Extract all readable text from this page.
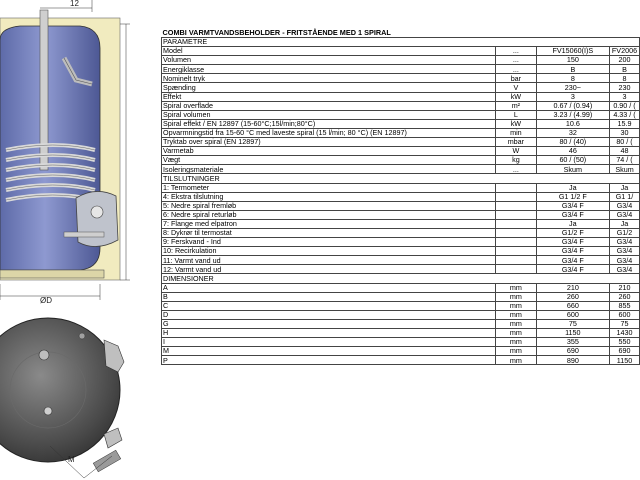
12
ØD
M
COMBI VARMTVANDSBEHOLDER - FRITSTÅENDE MED 1 SPIRAL			
PARAMETRE			
Model	...	FV15060(I)S	FV2006
Volumen	...	150	200
Energiklasse	...	B	B
Nominelt tryk	bar	8	8
Spænding	V	230~	230
Effekt	kW	3	3
Spiral overflade	m²	0.67 / (0.94)	0.90 / (
Spiral volumen	L	3.23 / (4.99)	4.33 / (
Spiral effekt / EN 12897 (15-60°C;15l/min;80°C)	kW	10.6	15.9
Opvarmningstid fra 15-60 °C med laveste spiral (15 l/min; 80 °C) (EN 12897)	min	32	30
Tryktab over spiral (EN 12897)	mbar	80 / (40)	80 / (
Varmetab	W	46	48
Vægt	kg	60 / (50)	74 / (
Isoleringsmateriale	...	Skum	Skum
TILSLUTNINGER			
1: Termometer		Ja	Ja
4: Ekstra tilslutning		G1 1/2 F	G1 1/
5: Nedre spiral fremløb		G3/4 F	G3/4
6: Nedre spiral returløb		G3/4 F	G3/4
7: Flange med elpatron		Ja	Ja
8: Dykrør til termostat		G1/2 F	G1/2
9: Ferskvand - Ind		G3/4 F	G3/4
10: Recirkulation		G3/4 F	G3/4
11: Varmt vand ud		G3/4 F	G3/4
12: Varmt vand ud		G3/4 F	G3/4
DIMENSIONER			
A	mm	210	210
B	mm	260	260
C	mm	660	855
D	mm	600	600
G	mm	75	75
H	mm	1150	1430
I	mm	355	550
M	mm	690	690
P	mm	890	1150
